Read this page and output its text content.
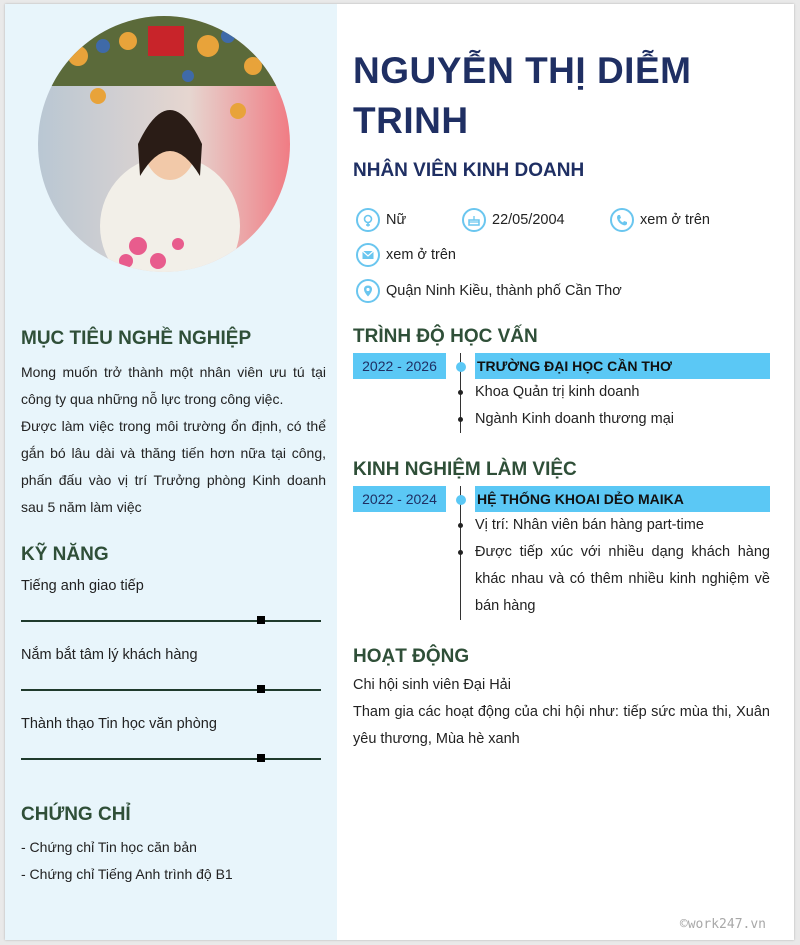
MỤC TIÊU NGHỀ NGHIỆP

Mong muốn trở thành một nhân viên ưu tú tại công ty qua những nỗ lực trong công việc.

Được làm việc trong môi trường ổn định, có thể gắn bó lâu dài và thăng tiến hơn nữa tại công, phấn đấu vào vị trí Trưởng phòng Kinh doanh sau 5 năm làm việc

KỸ NĂNG
Tiếng anh giao tiếp
Nắm bắt tâm lý khách hàng
Thành thạo Tin học văn phòng
CHỨNG CHỈ
- Chứng chỉ Tin học căn bản
- Chứng chỉ Tiếng Anh trình độ B1
NGUYỄN THỊ DIỄM TRINH
NHÂN VIÊN KINH DOANH
Nữ	22/05/2004	xem ở trên
xem ở trên
Quận Ninh Kiều, thành phố Cần Thơ
TRÌNH ĐỘ HỌC VẤN
2022 - 2026	TRƯỜNG ĐẠI HỌC CẦN THƠ
Khoa Quản trị kinh doanh
Ngành Kinh doanh thương mại
KINH NGHIỆM LÀM VIỆC
2022 - 2024	HỆ THỐNG KHOAI DẺO MAIKA
Vị trí: Nhân viên bán hàng part-time
Được tiếp xúc với nhiều dạng khách hàng khác nhau và có thêm nhiều kinh nghiệm về bán hàng
HOẠT ĐỘNG
Chi hội sinh viên Đại Hải
Tham gia các hoạt động của chi hội như: tiếp sức mùa thi, Xuân yêu thương, Mùa hè xanh
©work247.vn
